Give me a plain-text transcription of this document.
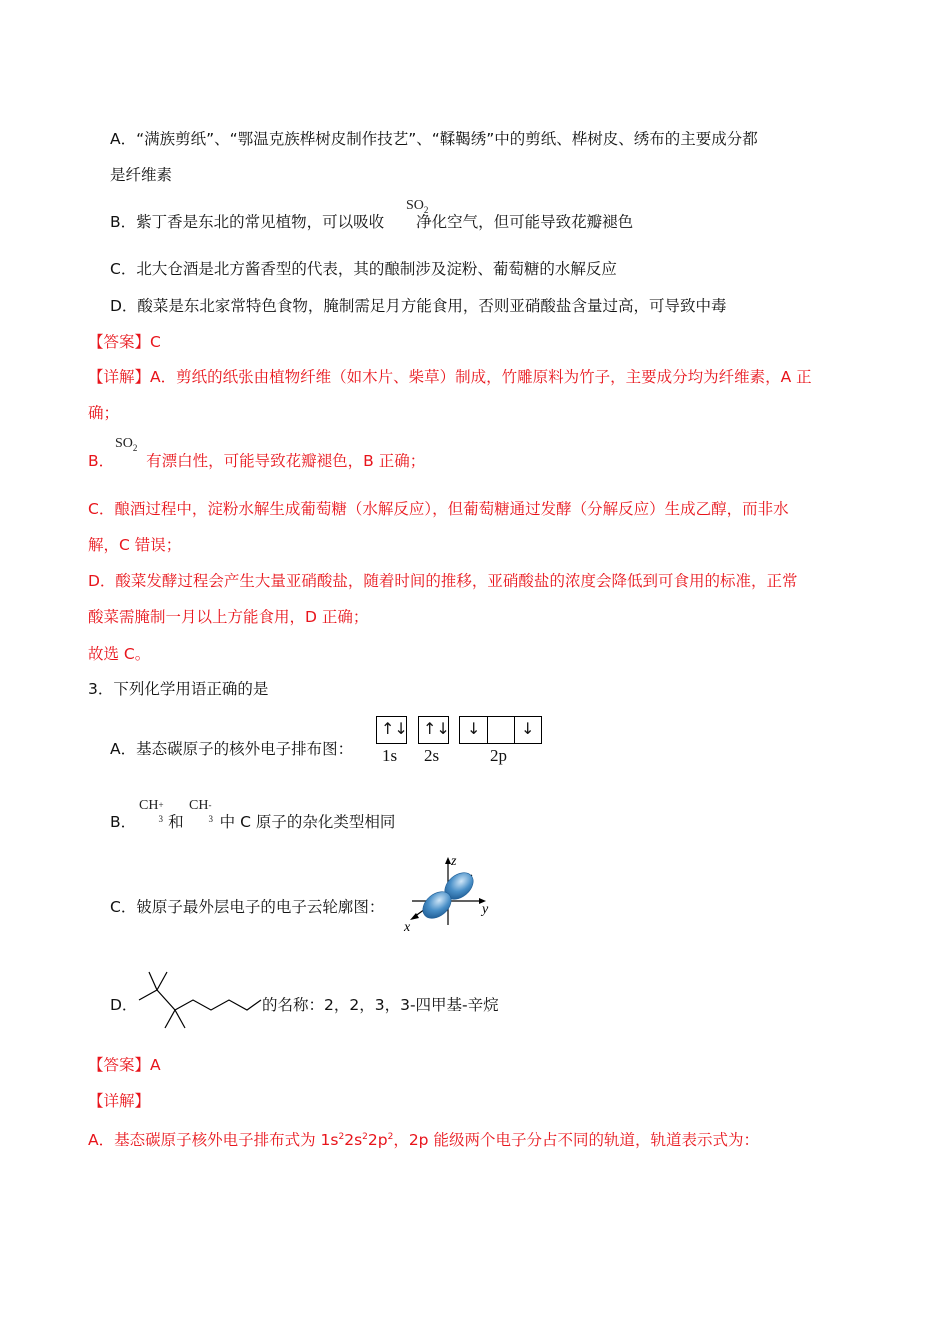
A．“满族剪纸”、“鄂温克族桦树皮制作技艺”、“鞣鞨绣”中的剪纸、桦树皮、绣布的主要成分都
是纤维素
B．紫丁香是东北的常见植物，可以吸收 净化空气，但可能导致花瓣褪色
$SO_2$
C．北大仓酒是北方酱香型的代表，其的酿制涉及淀粉、葡萄糖的水解反应
D．酸菜是东北家常特色食物，腌制需足月方能食用，否则亚硝酸盐含量过高，可导致中毒
【答案】C
【详解】A．剪纸的纸张由植物纤维（如木片、柴草）制成，竹雕原料为竹子，主要成分均为纤维素，A 正
确；
B． 有漂白性，可能导致花瓣褪色，B 正确；
$SO_2$
C．酿酒过程中，淀粉水解生成葡萄糖（水解反应），但葡萄糖通过发酵（分解反应）生成乙醇，而非水
解，C 错误；
D．酸菜发酵过程会产生大量亚硝酸盐，随着时间的推移，亚硝酸盐的浓度会降低到可食用的标准，正常
酸菜需腌制一月以上方能食用，D 正确；
故选 C。
3．下列化学用语正确的是
A．基态碳原子的核外电子排布图：
↑↓ ↑↓ ↓	↓
1s 2s	2p
B． 和 中 C 原子的杂化类型相同
CH +
3
CH -
3
C．铍原子最外层电子的电子云轮廓图：
z
y
x
D．	的名称：2，2，3，3-四甲基-辛烷
【答案】A
【详解】
A．基态碳原子核外电子排布式为 $1s^22s^22p^2$，2p 能级两个电子分占不同的轨道，轨道表示式为：
